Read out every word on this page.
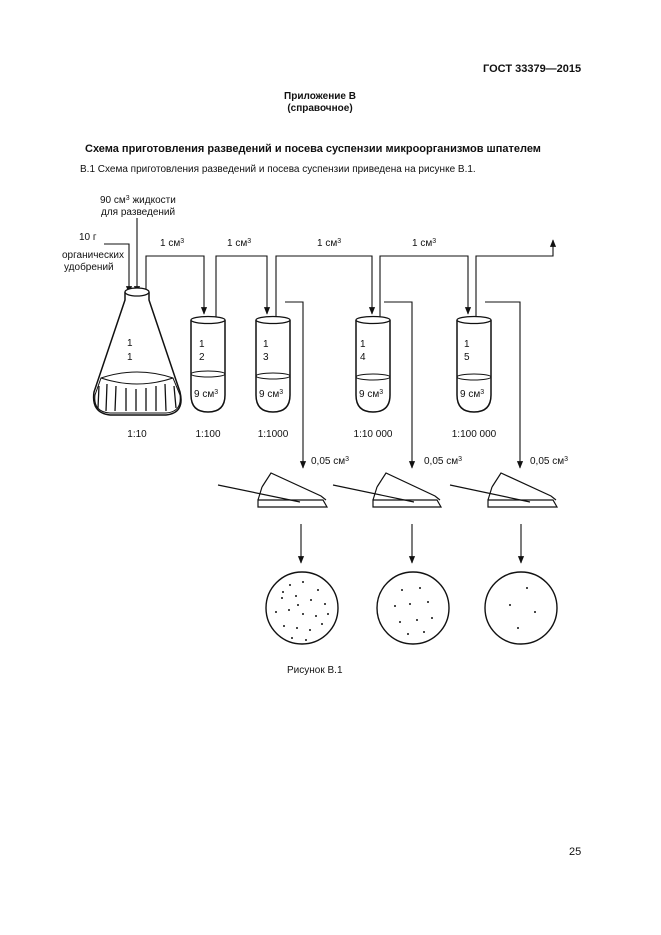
ГОСТ 33379—2015
Приложение В
(справочное)
Схема приготовления разведений и посева суспензии микроорганизмов шпателем
В.1 Схема приготовления разведений и посева суспензии приведена на рисунке В.1.
90 $см^3$ жидкости
для разведений
10 г
органических
удобрений
1 $см^3$	1 $см^3$	1 $см^3$	1 $см^3$
1
1
1:10
1
2
9 $см^3$
1:100
1
3
9 $см^3$
1:1000
1
4
9 $см^3$
1:10 000
1
5
9 $см^3$
1:100 000
0,05 $см^3$	0,05 $см^3$	0,05 $см^3$
Рисунок В.1
25
